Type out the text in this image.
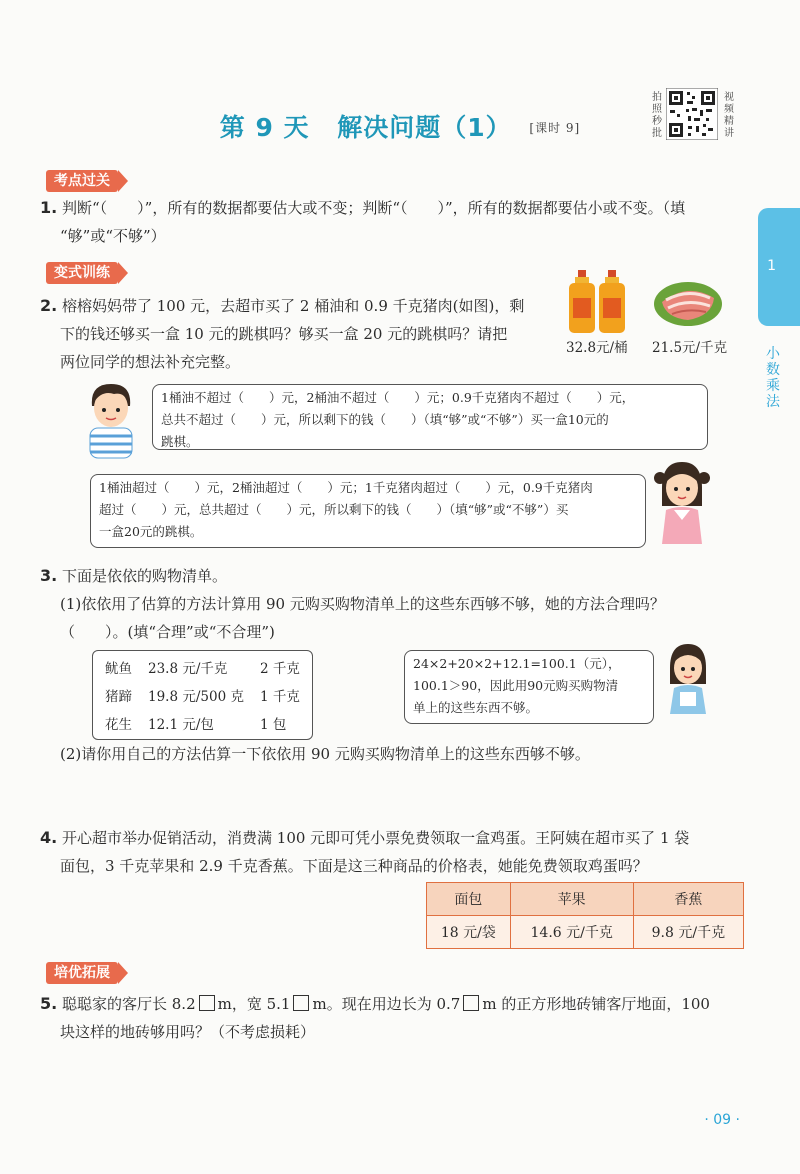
第 9 天 解决问题（1） [课时 9]
拍照秒批
视频精讲
1
小数乘法
考点过关
1. 判断“（　　）”，所有的数据都要估大或不变；判断“（　　）”，所有的数据都要估小或不变。（填
“够”或“不够”）
变式训练
2. 榕榕妈妈带了 100 元，去超市买了 2 桶油和 0.9 千克猪肉(如图)，剩
下的钱还够买一盒 10 元的跳棋吗？够买一盒 20 元的跳棋吗？请把
两位同学的想法补充完整。
32.8元/桶 21.5元/千克
1桶油不超过（　　）元，2桶油不超过（　　）元；0.9千克猪肉不超过（　　）元，
总共不超过（　　）元，所以剩下的钱（　　）（填“够”或“不够”）买一盒10元的
跳棋。
1桶油超过（　　）元，2桶油超过（　　）元；1千克猪肉超过（　　）元，0.9千克猪肉
超过（　　）元，总共超过（　　）元，所以剩下的钱（　　）（填“够”或“不够”）买
一盒20元的跳棋。
3. 下面是依依的购物清单。
(1)依依用了估算的方法计算用 90 元购买购物清单上的这些东西够不够，她的方法合理吗？
（　　）。(填“合理”或“不合理”)
鱿鱼	23.8 元/千克	2 千克
猪蹄	19.8 元/500 克	1 千克
花生	12.1 元/包	1 包
24×2+20×2+12.1=100.1（元），
100.1＞90，因此用90元购买购物清
单上的这些东西不够。
(2)请你用自己的方法估算一下依依用 90 元购买购物清单上的这些东西够不够。
4. 开心超市举办促销活动，消费满 100 元即可凭小票免费领取一盒鸡蛋。王阿姨在超市买了 1 袋
面包，3 千克苹果和 2.9 千克香蕉。下面是这三种商品的价格表，她能免费领取鸡蛋吗？
面包	苹果	香蕉
18 元/袋	14.6 元/千克	9.8 元/千克
培优拓展
5. 聪聪家的客厅长 8.2 m，宽 5.1 m。现在用边长为 0.7 m 的正方形地砖铺客厅地面，100
块这样的地砖够用吗？（不考虑损耗）
· 09 ·
